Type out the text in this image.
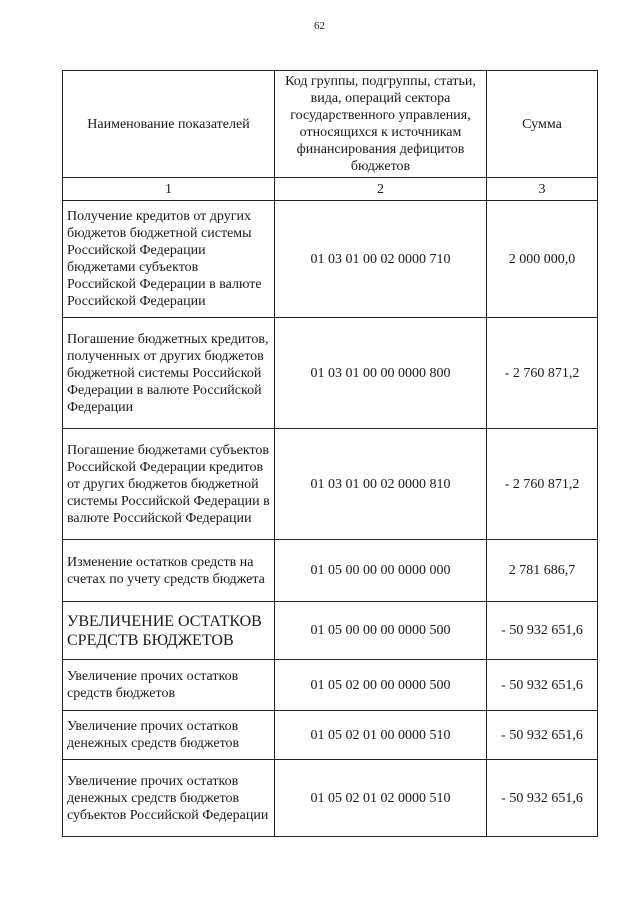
62
Наименование показателей	Код группы, подгруппы, статьи, вида, операций сектора государственного управления, относящихся к источникам финансирования дефицитов бюджетов	Сумма
1	2	3
Получение кредитов от других бюджетов бюджетной системы Российской Федерации бюджетами субъектов Российской Федерации в валюте Российской Федерации	01 03 01 00 02 0000 710	2 000 000,0
Погашение бюджетных кредитов, полученных от других бюджетов бюджетной системы Российской Федерации в валюте Российской Федерации	01 03 01 00 00 0000 800	- 2 760 871,2
Погашение бюджетами субъектов Российской Федерации кредитов от других бюджетов бюджетной системы Российской Федерации в валюте Российской Федерации	01 03 01 00 02 0000 810	- 2 760 871,2
Изменение остатков средств на счетах по учету средств бюджета	01 05 00 00 00 0000 000	2 781 686,7
УВЕЛИЧЕНИЕ ОСТАТКОВ СРЕДСТВ БЮДЖЕТОВ	01 05 00 00 00 0000 500	- 50 932 651,6
Увеличение прочих остатков средств бюджетов	01 05 02 00 00 0000 500	- 50 932 651,6
Увеличение прочих остатков денежных средств бюджетов	01 05 02 01 00 0000 510	- 50 932 651,6
Увеличение прочих остатков денежных средств бюджетов субъектов Российской Федерации	01 05 02 01 02 0000 510	- 50 932 651,6
